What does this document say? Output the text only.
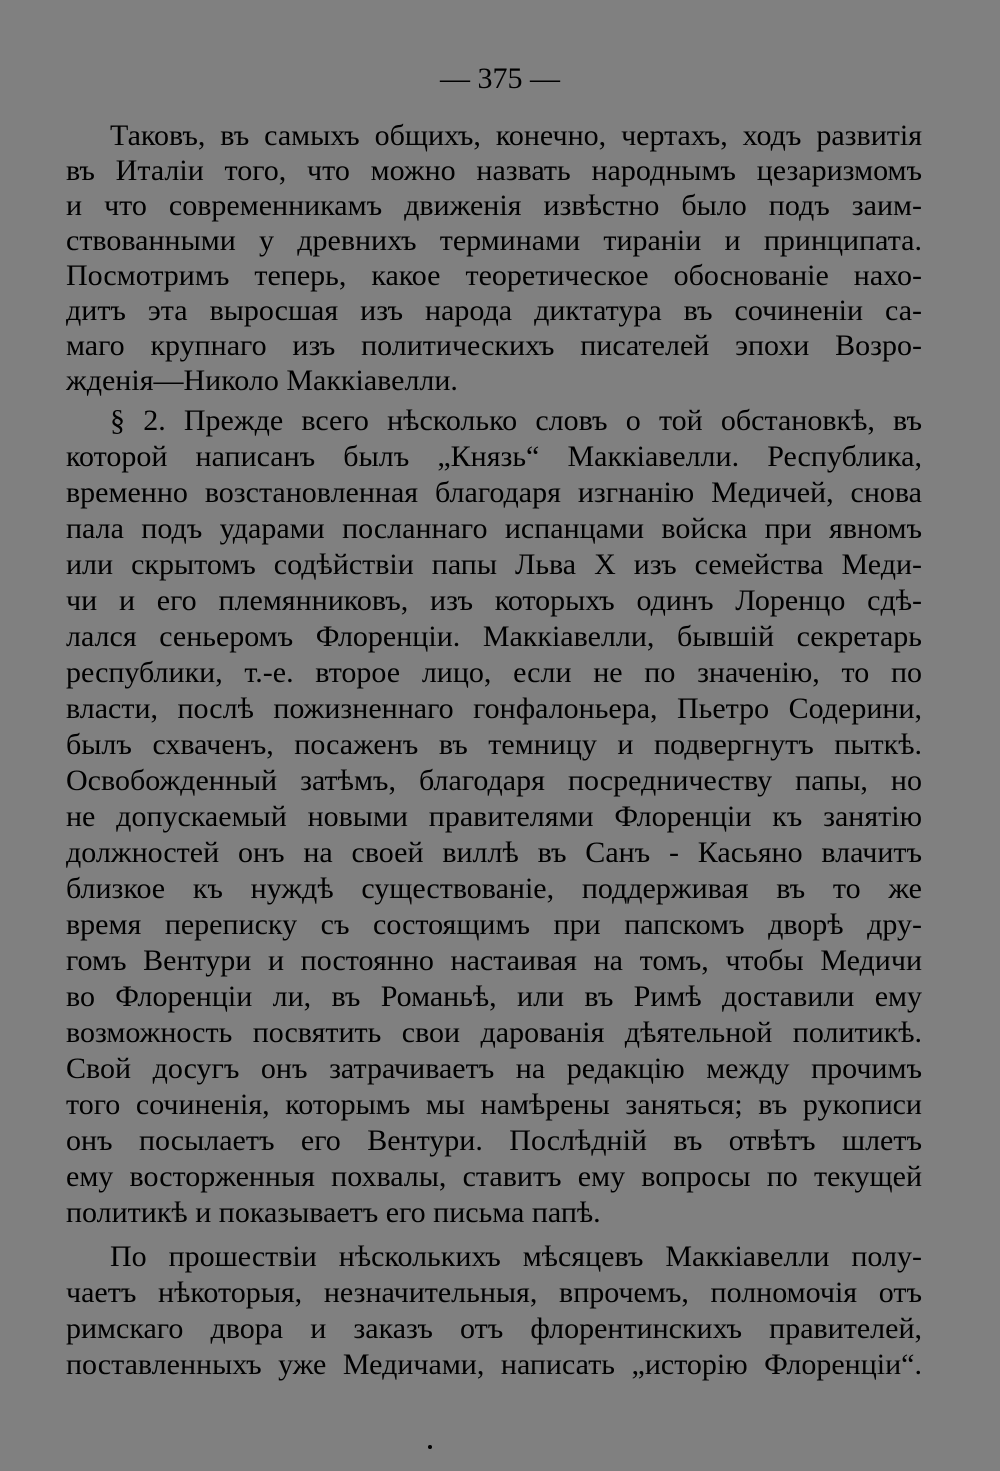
— 375 —
Таковъ, въ самыхъ общихъ, конечно, чертахъ, ходъ развитія
въ Италіи того, что можно назвать народнымъ цезаризмомъ
и что современникамъ движенія извѣстно было подъ заим-
ствованными у древнихъ терминами тираніи и принципата.
Посмотримъ теперь, какое теоретическое обоснованіе нахо-
дитъ эта выросшая изъ народа диктатура въ сочиненіи са-
маго крупнаго изъ политическихъ писателей эпохи Возро-
жденія—Николо Маккіавелли.
§ 2. Прежде всего нѣсколько словъ о той обстановкѣ, въ
которой написанъ былъ „Князь“ Маккіавелли. Республика,
временно возстановленная благодаря изгнанію Медичей, снова
пала подъ ударами посланнаго испанцами войска при явномъ
или скрытомъ содѣйствіи папы Льва X изъ семейства Меди-
чи и его племянниковъ, изъ которыхъ одинъ Лоренцо сдѣ-
лался сеньеромъ Флоренціи. Маккіавелли, бывшій секретарь
республики, т.-е. второе лицо, если не по значенію, то по
власти, послѣ пожизненнаго гонфалоньера, Пьетро Содерини,
былъ схваченъ, посаженъ въ темницу и подвергнутъ пыткѣ.
Освобожденный затѣмъ, благодаря посредничеству папы, но
не допускаемый новыми правителями Флоренціи къ занятію
должностей онъ на своей виллѣ въ Санъ - Касьяно влачитъ
близкое къ нуждѣ существованіе, поддерживая въ то же
время переписку съ состоящимъ при папскомъ дворѣ дру-
гомъ Вентури и постоянно настаивая на томъ, чтобы Медичи
во Флоренціи ли, въ Романьѣ, или въ Римѣ доставили ему
возможность посвятить свои дарованія дѣятельной политикѣ.
Свой досугъ онъ затрачиваетъ на редакцію между прочимъ
того сочиненія, которымъ мы намѣрены заняться; въ рукописи
онъ посылаетъ его Вентури. Послѣдній въ отвѣтъ шлетъ
ему восторженныя похвалы, ставитъ ему вопросы по текущей
политикѣ и показываетъ его письма папѣ.
По прошествіи нѣсколькихъ мѣсяцевъ Маккіавелли полу-
чаетъ нѣкоторыя, незначительныя, впрочемъ, полномочія отъ
римскаго двора и заказъ отъ флорентинскихъ правителей,
поставленныхъ уже Медичами, написать „исторію Флоренціи“.
